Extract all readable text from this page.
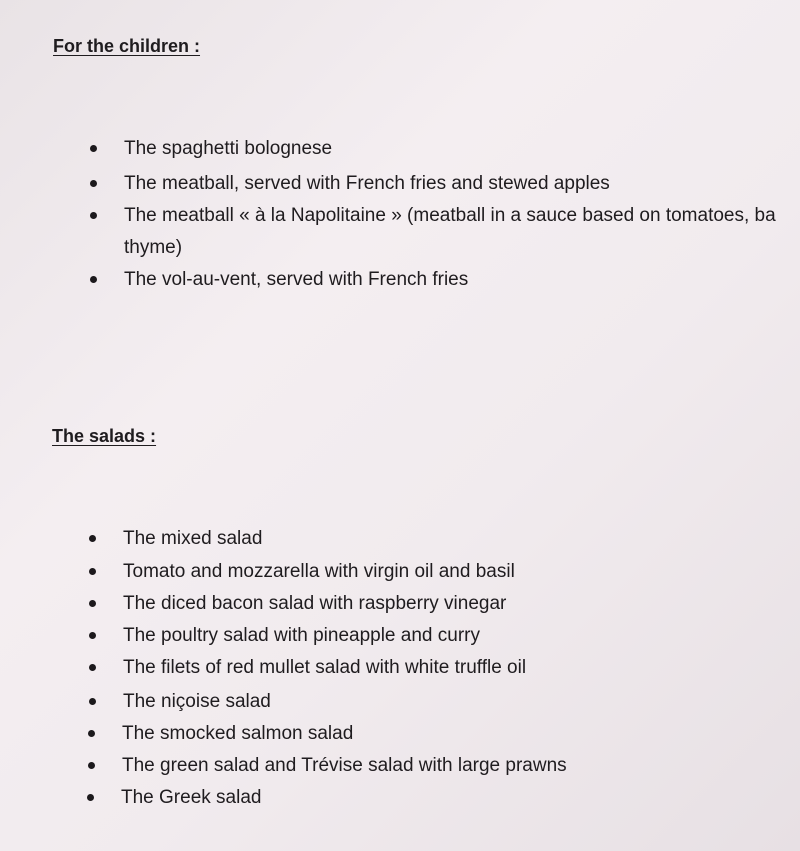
For the children :
The spaghetti bolognese
The meatball, served with French fries and stewed apples
The meatball « à la Napolitaine » (meatball in a sauce based on tomatoes, ba
thyme)
The vol-au-vent, served with French fries
The salads :
The mixed salad
Tomato and mozzarella with virgin oil and basil
The diced bacon salad with raspberry vinegar
The poultry salad with pineapple and curry
The filets of red mullet salad with white truffle oil
The niçoise salad
The smocked salmon salad
The green salad and Trévise salad with large prawns
The Greek salad
